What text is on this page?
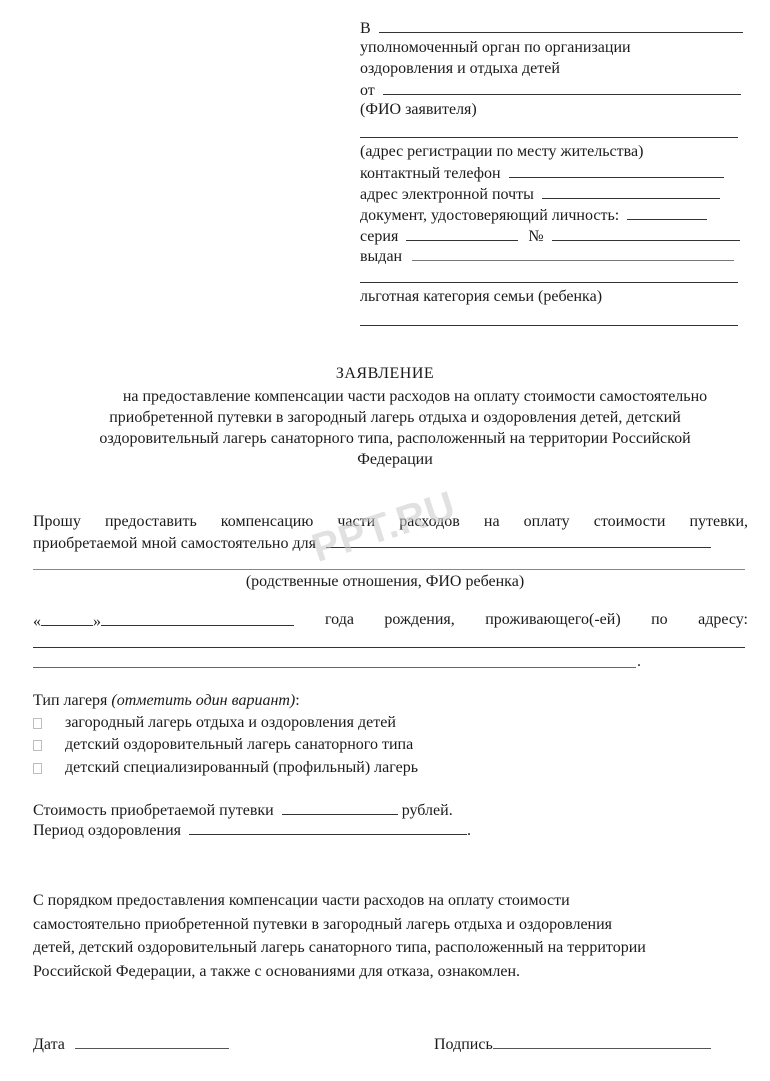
В
уполномоченный орган по организации
оздоровления и отдыха детей
от
(ФИО заявителя)
(адрес регистрации по месту жительства)
контактный телефон
адрес электронной почты
документ, удостоверяющий личность:
серия	№
выдан
льготная категория семьи (ребенка)
ЗАЯВЛЕНИЕ
на предоставление компенсации части расходов на оплату стоимости самостоятельно
приобретенной путевки в загородный лагерь отдыха и оздоровления детей, детский
оздоровительный лагерь санаторного типа, расположенный на территории Российской
Федерации
Прошу предоставить компенсацию части расходов на оплату стоимости путевки,
приобретаемой мной самостоятельно для
(родственные отношения, ФИО ребенка)
PPT.RU
«	»	года рождения, проживающего(-ей) по адресу:
.
Тип лагеря (отметить один вариант):
загородный лагерь отдыха и оздоровления детей
детский оздоровительный лагерь санаторного типа
детский специализированный (профильный) лагерь
Стоимость приобретаемой путевки	рублей.
Период оздоровления	.
С порядком предоставления компенсации части расходов на оплату стоимости
самостоятельно приобретенной путевки в загородный лагерь отдыха и оздоровления
детей, детский оздоровительный лагерь санаторного типа, расположенный на территории
Российской Федерации, а также с основаниями для отказа, ознакомлен.
Дата	Подпись
